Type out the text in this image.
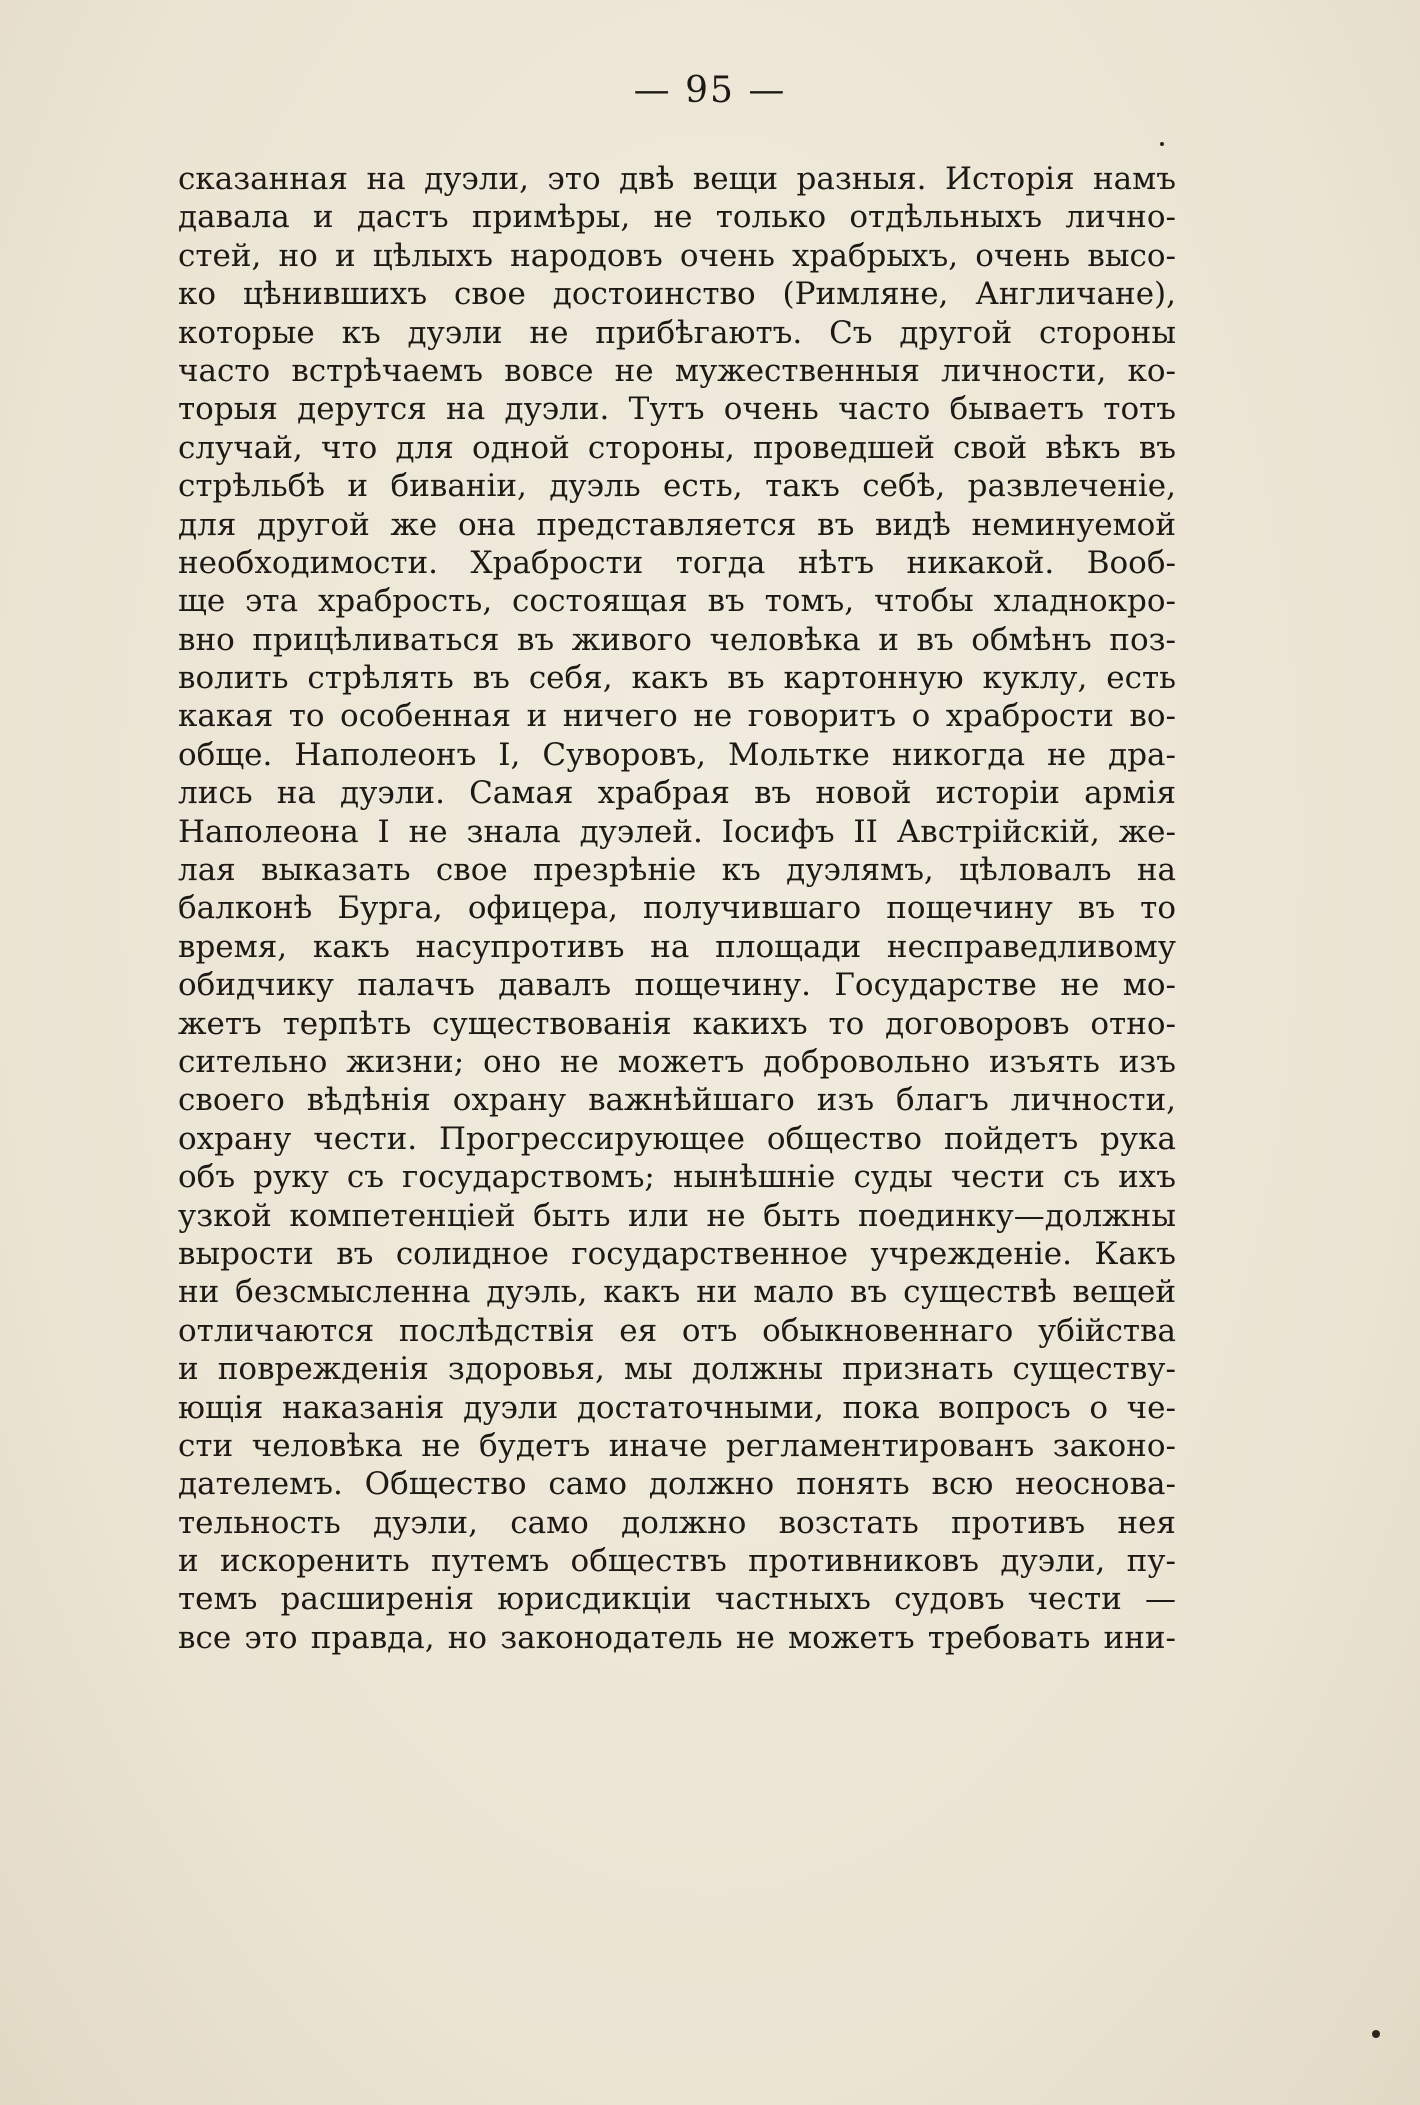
— 95 —
сказанная на дуэли, это двѣ вещи разныя. Исторія намъ
давала и дастъ примѣры, не только отдѣльныхъ лично-
стей, но и цѣлыхъ народовъ очень храбрыхъ, очень высо-
ко цѣнившихъ свое достоинство (Римляне, Англичане),
которые къ дуэли не прибѣгаютъ. Съ другой стороны
часто встрѣчаемъ вовсе не мужественныя личности, ко-
торыя дерутся на дуэли. Тутъ очень часто бываетъ тотъ
случай, что для одной стороны, проведшей свой вѣкъ въ
стрѣльбѣ и биваніи, дуэль есть, такъ себѣ, развлеченіе,
для другой же она представляется въ видѣ неминуемой
необходимости. Храбрости тогда нѣтъ никакой. Вооб-
ще эта храбрость, состоящая въ томъ, чтобы хладнокро-
вно прицѣливаться въ живого человѣка и въ обмѣнъ поз-
волить стрѣлять въ себя, какъ въ картонную куклу, есть
какая то особенная и ничего не говоритъ о храбрости во-
обще. Наполеонъ I, Суворовъ, Мольтке никогда не дра-
лись на дуэли. Самая храбрая въ новой исторіи армія
Наполеона I не знала дуэлей. Іосифъ II Австрійскій, же-
лая выказать свое презрѣніе къ дуэлямъ, цѣловалъ на
балконѣ Бурга, офицера, получившаго пощечину въ то
время, какъ насупротивъ на площади несправедливому
обидчику палачъ давалъ пощечину. Государстве не мо-
жетъ терпѣть существованія какихъ то договоровъ отно-
сительно жизни; оно не можетъ добровольно изъять изъ
своего вѣдѣнія охрану важнѣйшаго изъ благъ личности,
охрану чести. Прогрессирующее общество пойдетъ рука
объ руку съ государствомъ; нынѣшніе суды чести съ ихъ
узкой компетенціей быть или не быть поединку—должны
вырости въ солидное государственное учрежденіе. Какъ
ни безсмысленна дуэль, какъ ни мало въ существѣ вещей
отличаются послѣдствія ея отъ обыкновеннаго убійства
и поврежденія здоровья, мы должны признать существу-
ющія наказанія дуэли достаточными, пока вопросъ о че-
сти человѣка не будетъ иначе регламентированъ законо-
дателемъ. Общество само должно понять всю неоснова-
тельность дуэли, само должно возстать противъ нея
и искоренить путемъ обществъ противниковъ дуэли, пу-
темъ расширенія юрисдикціи частныхъ судовъ чести —
все это правда, но законодатель не можетъ требовать ини-
